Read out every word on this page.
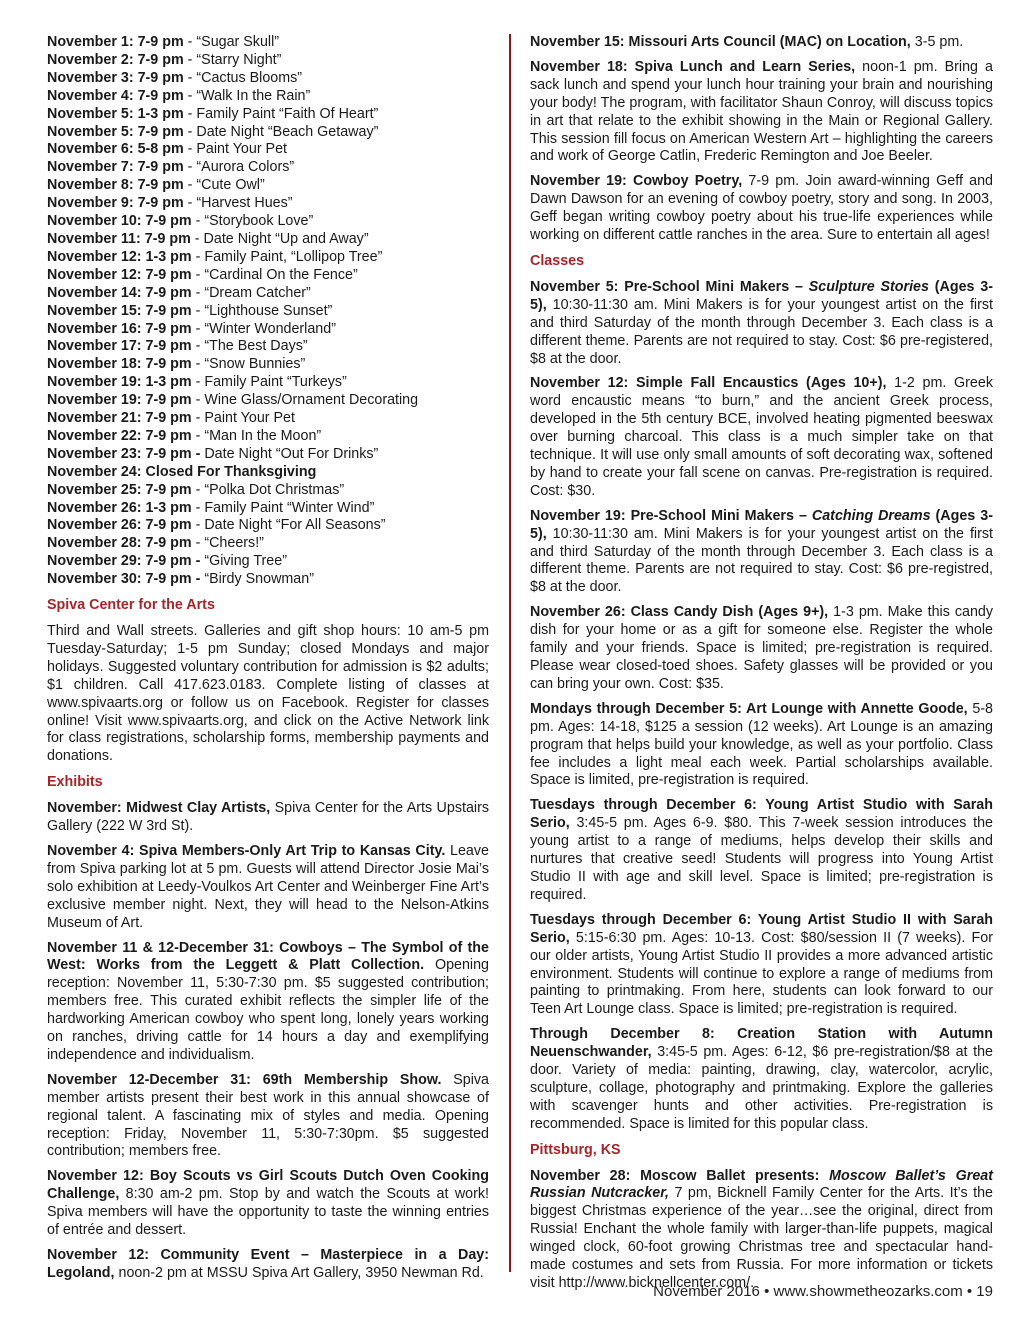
November 1: 7-9 pm - “Sugar Skull”

November 2: 7-9 pm - “Starry Night”

November 3: 7-9 pm - “Cactus Blooms”

November 4: 7-9 pm - “Walk In the Rain”

November 5: 1-3 pm - Family Paint “Faith Of Heart”

November 5: 7-9 pm - Date Night “Beach Getaway”

November 6: 5-8 pm - Paint Your Pet

November 7: 7-9 pm - “Aurora Colors”

November 8: 7-9 pm - “Cute Owl”

November 9: 7-9 pm - “Harvest Hues”

November 10: 7-9 pm - “Storybook Love”

November 11: 7-9 pm - Date Night “Up and Away”

November 12: 1-3 pm - Family Paint, “Lollipop Tree”

November 12: 7-9 pm - “Cardinal On the Fence”

November 14: 7-9 pm - “Dream Catcher”

November 15: 7-9 pm - “Lighthouse Sunset”

November 16: 7-9 pm - “Winter Wonderland”

November 17: 7-9 pm - “The Best Days”

November 18: 7-9 pm - “Snow Bunnies”

November 19: 1-3 pm - Family Paint “Turkeys”

November 19: 7-9 pm - Wine Glass/Ornament Decorating

November 21: 7-9 pm - Paint Your Pet

November 22: 7-9 pm - “Man In the Moon”

November 23: 7-9 pm - Date Night “Out For Drinks”

November 24: Closed For Thanksgiving

November 25: 7-9 pm - “Polka Dot Christmas”

November 26: 1-3 pm - Family Paint “Winter Wind”

November 26: 7-9 pm - Date Night “For All Seasons”

November 28: 7-9 pm - “Cheers!”

November 29: 7-9 pm - “Giving Tree”

November 30: 7-9 pm - “Birdy Snowman”

Spiva Center for the Arts

Third and Wall streets. Galleries and gift shop hours: 10 am-5 pm Tuesday-Saturday; 1-5 pm Sunday; closed Mondays and major holidays. Suggested voluntary contribution for admission is $2 adults; $1 children. Call 417.623.0183. Complete listing of classes at www.spivaarts.org or follow us on Facebook. Register for classes online! Visit www.spivaarts.org, and click on the Active Network link for class registrations, scholarship forms, membership payments and donations.

Exhibits

November: Midwest Clay Artists, Spiva Center for the Arts Upstairs Gallery (222 W 3rd St).

November 4: Spiva Members-Only Art Trip to Kansas City. Leave from Spiva parking lot at 5 pm. Guests will attend Director Josie Mai’s solo exhibition at Leedy-Voulkos Art Center and Weinberger Fine Art’s exclusive member night. Next, they will head to the Nelson-Atkins Museum of Art.

November 11 & 12-December 31: Cowboys – The Symbol of the West: Works from the Leggett & Platt Collection. Opening reception: November 11, 5:30-7:30 pm. $5 suggested contribution; members free. This curated exhibit reflects the simpler life of the hardworking American cowboy who spent long, lonely years working on ranches, driving cattle for 14 hours a day and exemplifying independence and individualism.

November 12-December 31: 69th Membership Show. Spiva member artists present their best work in this annual showcase of regional talent. A fascinating mix of styles and media. Opening reception: Friday, November 11, 5:30-7:30pm. $5 suggested contribution; members free.

November 12: Boy Scouts vs Girl Scouts Dutch Oven Cooking Challenge, 8:30 am-2 pm. Stop by and watch the Scouts at work! Spiva members will have the opportunity to taste the winning entries of entrée and dessert.

November 12: Community Event – Masterpiece in a Day: Legoland, noon-2 pm at MSSU Spiva Art Gallery, 3950 Newman Rd.

November 15: Missouri Arts Council (MAC) on Location, 3-5 pm.

November 18: Spiva Lunch and Learn Series, noon-1 pm. Bring a sack lunch and spend your lunch hour training your brain and nourishing your body! The program, with facilitator Shaun Conroy, will discuss topics in art that relate to the exhibit showing in the Main or Regional Gallery. This session fill focus on American Western Art – highlighting the careers and work of George Catlin, Frederic Remington and Joe Beeler.

November 19: Cowboy Poetry, 7-9 pm. Join award-winning Geff and Dawn Dawson for an evening of cowboy poetry, story and song. In 2003, Geff began writing cowboy poetry about his true-life experiences while working on different cattle ranches in the area. Sure to entertain all ages!

Classes

November 5: Pre-School Mini Makers – Sculpture Stories (Ages 3-5), 10:30-11:30 am. Mini Makers is for your youngest artist on the first and third Saturday of the month through December 3. Each class is a different theme. Parents are not required to stay. Cost: $6 pre-registered, $8 at the door.

November 12: Simple Fall Encaustics (Ages 10+), 1-2 pm. Greek word encaustic means “to burn,” and the ancient Greek process, developed in the 5th century BCE, involved heating pigmented beeswax over burning charcoal. This class is a much simpler take on that technique. It will use only small amounts of soft decorating wax, softened by hand to create your fall scene on canvas. Pre-registration is required. Cost: $30.

November 19: Pre-School Mini Makers – Catching Dreams (Ages 3-5), 10:30-11:30 am. Mini Makers is for your youngest artist on the first and third Saturday of the month through December 3. Each class is a different theme. Parents are not required to stay. Cost: $6 pre-registred, $8 at the door.

November 26: Class Candy Dish (Ages 9+), 1-3 pm. Make this candy dish for your home or as a gift for someone else. Register the whole family and your friends. Space is limited; pre-registration is required. Please wear closed-toed shoes. Safety glasses will be provided or you can bring your own. Cost: $35.

Mondays through December 5: Art Lounge with Annette Goode, 5-8 pm. Ages: 14-18, $125 a session (12 weeks). Art Lounge is an amazing program that helps build your knowledge, as well as your portfolio. Class fee includes a light meal each week. Partial scholarships available. Space is limited, pre-registration is required.

Tuesdays through December 6: Young Artist Studio with Sarah Serio, 3:45-5 pm. Ages 6-9. $80. This 7-week session introduces the young artist to a range of mediums, helps develop their skills and nurtures that creative seed! Students will progress into Young Artist Studio II with age and skill level. Space is limited; pre-registration is required.

Tuesdays through December 6: Young Artist Studio II with Sarah Serio, 5:15-6:30 pm. Ages: 10-13. Cost: $80/session II (7 weeks). For our older artists, Young Artist Studio II provides a more advanced artistic environment. Students will continue to explore a range of mediums from painting to printmaking. From here, students can look forward to our Teen Art Lounge class. Space is limited; pre-registration is required.

Through December 8: Creation Station with Autumn Neuenschwander, 3:45-5 pm. Ages: 6-12, $6 pre-registration/$8 at the door. Variety of media: painting, drawing, clay, watercolor, acrylic, sculpture, collage, photography and printmaking. Explore the galleries with scavenger hunts and other activities. Pre-registration is recommended. Space is limited for this popular class.

Pittsburg, KS

November 28: Moscow Ballet presents: Moscow Ballet’s Great Russian Nutcracker, 7 pm, Bicknell Family Center for the Arts. It’s the biggest Christmas experience of the year…see the original, direct from Russia! Enchant the whole family with larger-than-life puppets, magical winged clock, 60-foot growing Christmas tree and spectacular hand-made costumes and sets from Russia. For more information or tickets visit http://www.bicknellcenter.com/.

November 2016 • www.showmetheozarks.com • 19
